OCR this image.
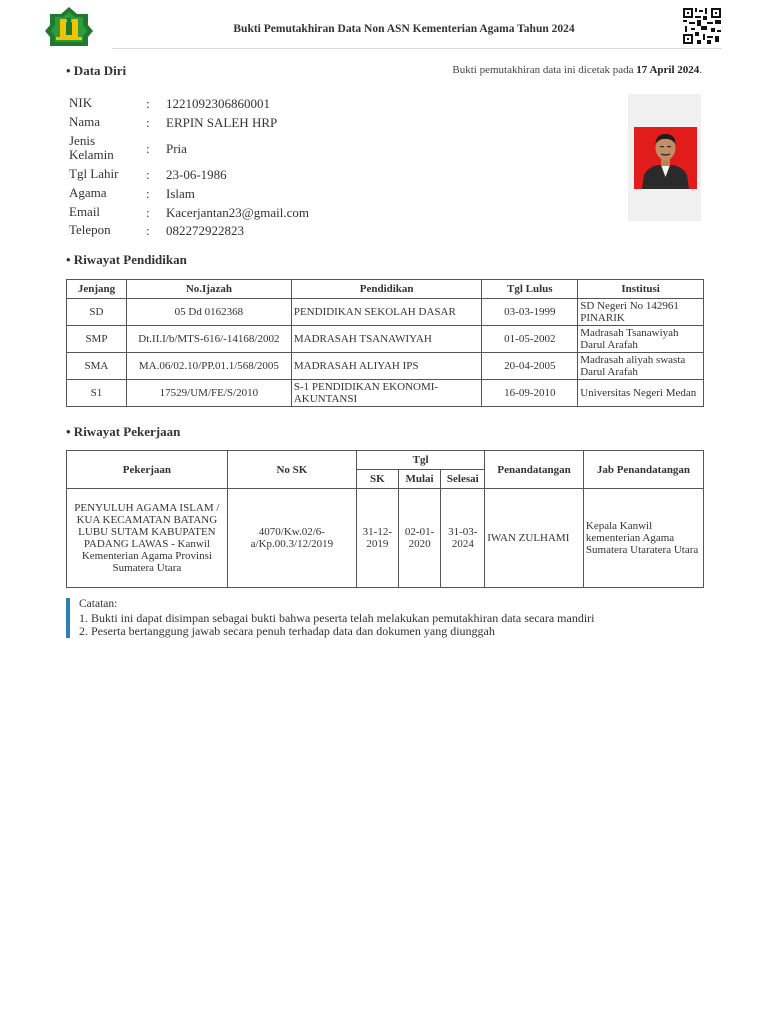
Bukti Pemutakhiran Data Non ASN Kementerian Agama Tahun 2024
• Data Diri	Bukti pemutakhiran data ini dicetak pada 17 April 2024.
NIK	: 1221092306860001
Nama	: ERPIN SALEH HRP
Jenis Kelamin	: Pria
Tgl Lahir	: 23-06-1986
Agama	: Islam
Email	: Kacerjantan23@gmail.com
Telepon	: 082272922823
• Riwayat Pendidikan
Jenjang	No.Ijazah	Pendidikan	Tgl Lulus	Institusi
SD	05 Dd 0162368	PENDIDIKAN SEKOLAH DASAR	03-03-1999	SD Negeri No 142961 PINARIK
SMP	Dt.II.I/b/MTS-616/-14168/2002	MADRASAH TSANAWIYAH	01-05-2002	Madrasah Tsanawiyah Darul Arafah
SMA	MA.06/02.10/PP.01.1/568/2005	MADRASAH ALIYAH IPS	20-04-2005	Madrasah aliyah swasta Darul Arafah
S1	17529/UM/FE/S/2010	S-1 PENDIDIKAN EKONOMI-AKUNTANSI	16-09-2010	Universitas Negeri Medan
• Riwayat Pekerjaan
Pekerjaan	No SK	Tgl			Penandatangan	Jab Penandatangan
		SK	Mulai	Selesai		
PENYULUH AGAMA ISLAM / KUA KECAMATAN BATANG LUBU SUTAM KABUPATEN PADANG LAWAS - Kanwil Kementerian Agama Provinsi Sumatera Utara	4070/Kw.02/6-a/Kp.00.3/12/2019	31-12-2019	02-01-2020	31-03-2024	IWAN ZULHAMI	Kepala Kanwil kementerian Agama Sumatera Utaratera Utara
Catatan:
1. Bukti ini dapat disimpan sebagai bukti bahwa peserta telah melakukan pemutakhiran data secara mandiri
2. Peserta bertanggung jawab secara penuh terhadap data dan dokumen yang diunggah
